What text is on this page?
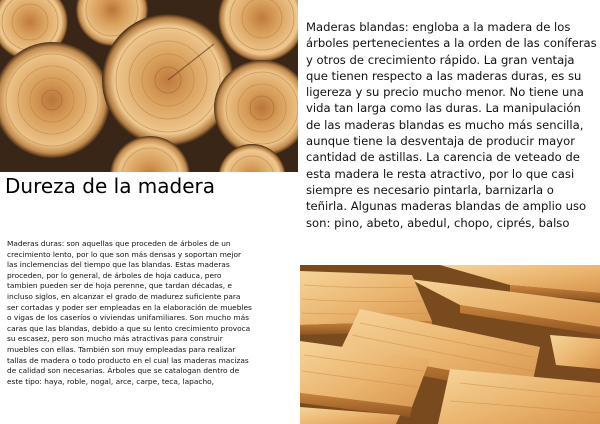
Dureza de la madera

Maderas blandas: engloba a la madera de los árboles pertenecientes a la orden de las coníferas y otros de crecimiento rápido. La gran ventaja que tienen respecto a las maderas duras, es su ligereza y su precio mucho menor. No tiene una vida tan larga como las duras. La manipulación de las maderas blandas es mucho más sencilla, aunque tiene la desventaja de producir mayor cantidad de astillas. La carencia de veteado de esta madera le resta atractivo, por lo que casi siempre es necesario pintarla, barnizarla o teñirla. Algunas maderas blandas de amplio uso son: pino, abeto, abedul, chopo, ciprés, balso

Maderas duras: son aquellas que proceden de árboles de un crecimiento lento, por lo que son más densas y soportan mejor las inclemencias del tiempo que las blandas. Estas maderas proceden, por lo general, de árboles de hoja caduca, pero tambien pueden ser de hoja perenne, que tardan décadas, e incluso siglos, en alcanzar el grado de madurez suficiente para ser cortadas y poder ser empleadas en la elaboración de muebles o vigas de los caseríos o viviendas unifamiliares. Son mucho más caras que las blandas, debido a que su lento crecimiento provoca su escasez, pero son mucho más atractivas para construir muebles con ellas. También son muy empleadas para realizar tallas de madera o todo producto en el cual las maderas macizas de calidad son necesarias. Árboles que se catalogan dentro de este tipo: haya, roble, nogal, arce, carpe, teca, lapacho,
